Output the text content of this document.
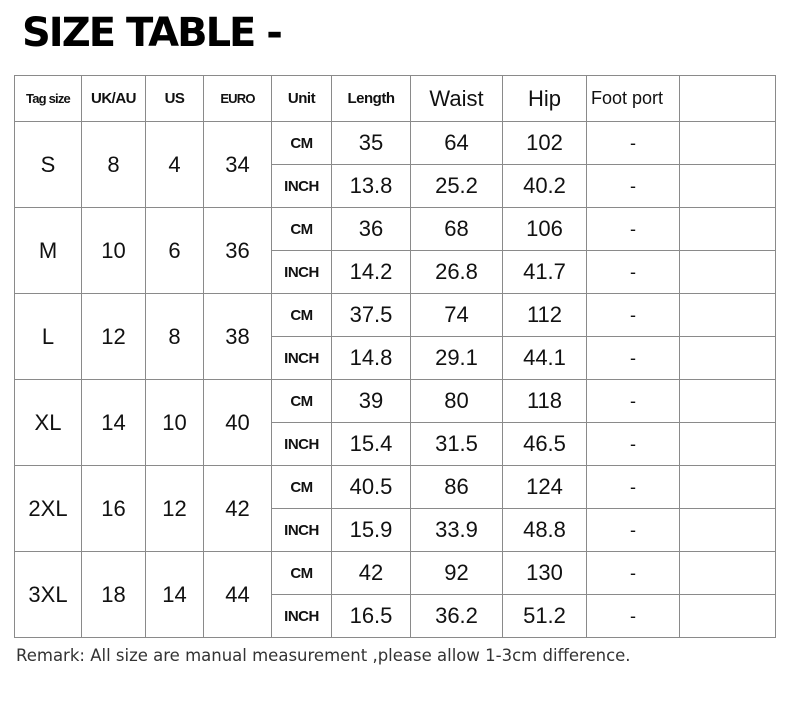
SIZE TABLE -
Tag size	UK/AU	US	EURO	Unit	Length	Waist	Hip	Foot port	
S	8	4	34	CM	35	64	102	-	
				INCH	13.8	25.2	40.2	-	
M	10	6	36	CM	36	68	106	-	
				INCH	14.2	26.8	41.7	-	
L	12	8	38	CM	37.5	74	112	-	
				INCH	14.8	29.1	44.1	-	
XL	14	10	40	CM	39	80	118	-	
				INCH	15.4	31.5	46.5	-	
2XL	16	12	42	CM	40.5	86	124	-	
				INCH	15.9	33.9	48.8	-	
3XL	18	14	44	CM	42	92	130	-	
				INCH	16.5	36.2	51.2	-	
Remark: All size are manual measurement ,please allow 1-3cm difference.
